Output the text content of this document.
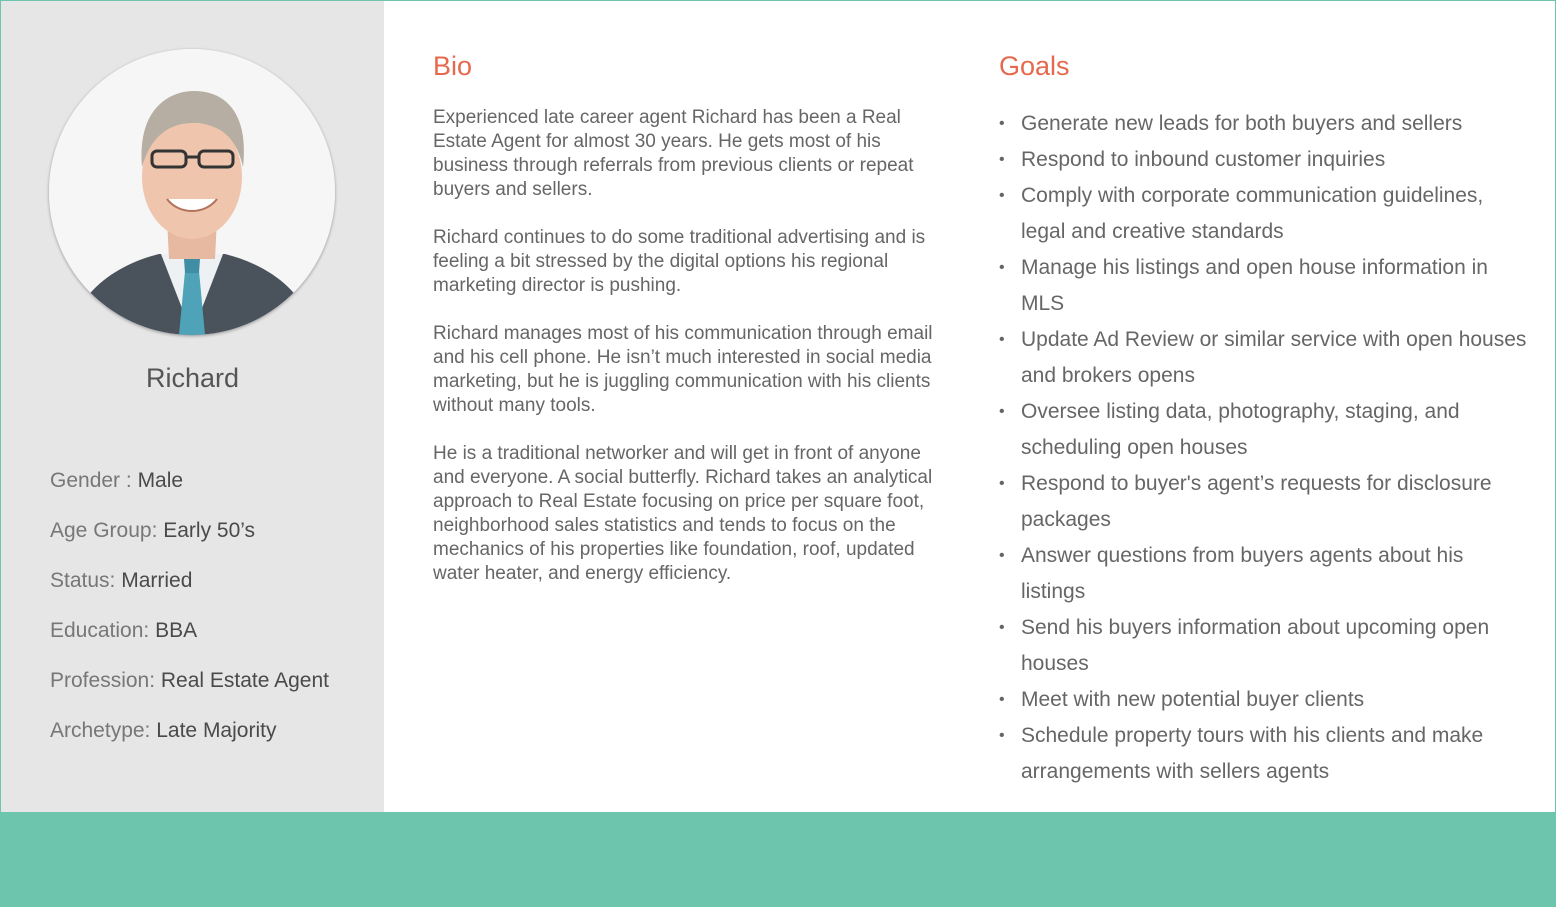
Richard
Gender : Male
Age Group: Early 50’s
Status: Married
Education: BBA
Profession: Real Estate Agent
Archetype: Late Majority
Bio

Experienced late career agent Richard has been a Real Estate Agent for almost 30 years. He gets most of his business through referrals from previous clients or repeat buyers and sellers.

Richard continues to do some traditional advertising and is feeling a bit stressed by the digital options his regional marketing director is pushing.

Richard manages most of his communication through email and his cell phone. He isn’t much interested in social media marketing, but he is juggling communication with his clients without many tools.

He is a traditional networker and will get in front of anyone and everyone. A social butterfly. Richard takes an analytical approach to Real Estate focusing on price per square foot, neighborhood sales statistics and tends to focus on the mechanics of his properties like foundation, roof, updated water heater, and energy efficiency.

Goals
• Generate new leads for both buyers and sellers
• Respond to inbound customer inquiries
• Comply with corporate communication guidelines, legal and creative standards
• Manage his listings and open house information in MLS
• Update Ad Review or similar service with open houses and brokers opens
• Oversee listing data, photography, staging, and scheduling open houses
• Respond to buyer's agent’s requests for disclosure packages
• Answer questions from buyers agents about his listings
• Send his buyers information about upcoming open houses
• Meet with new potential buyer clients
• Schedule property tours with his clients and make arrangements with sellers agents
